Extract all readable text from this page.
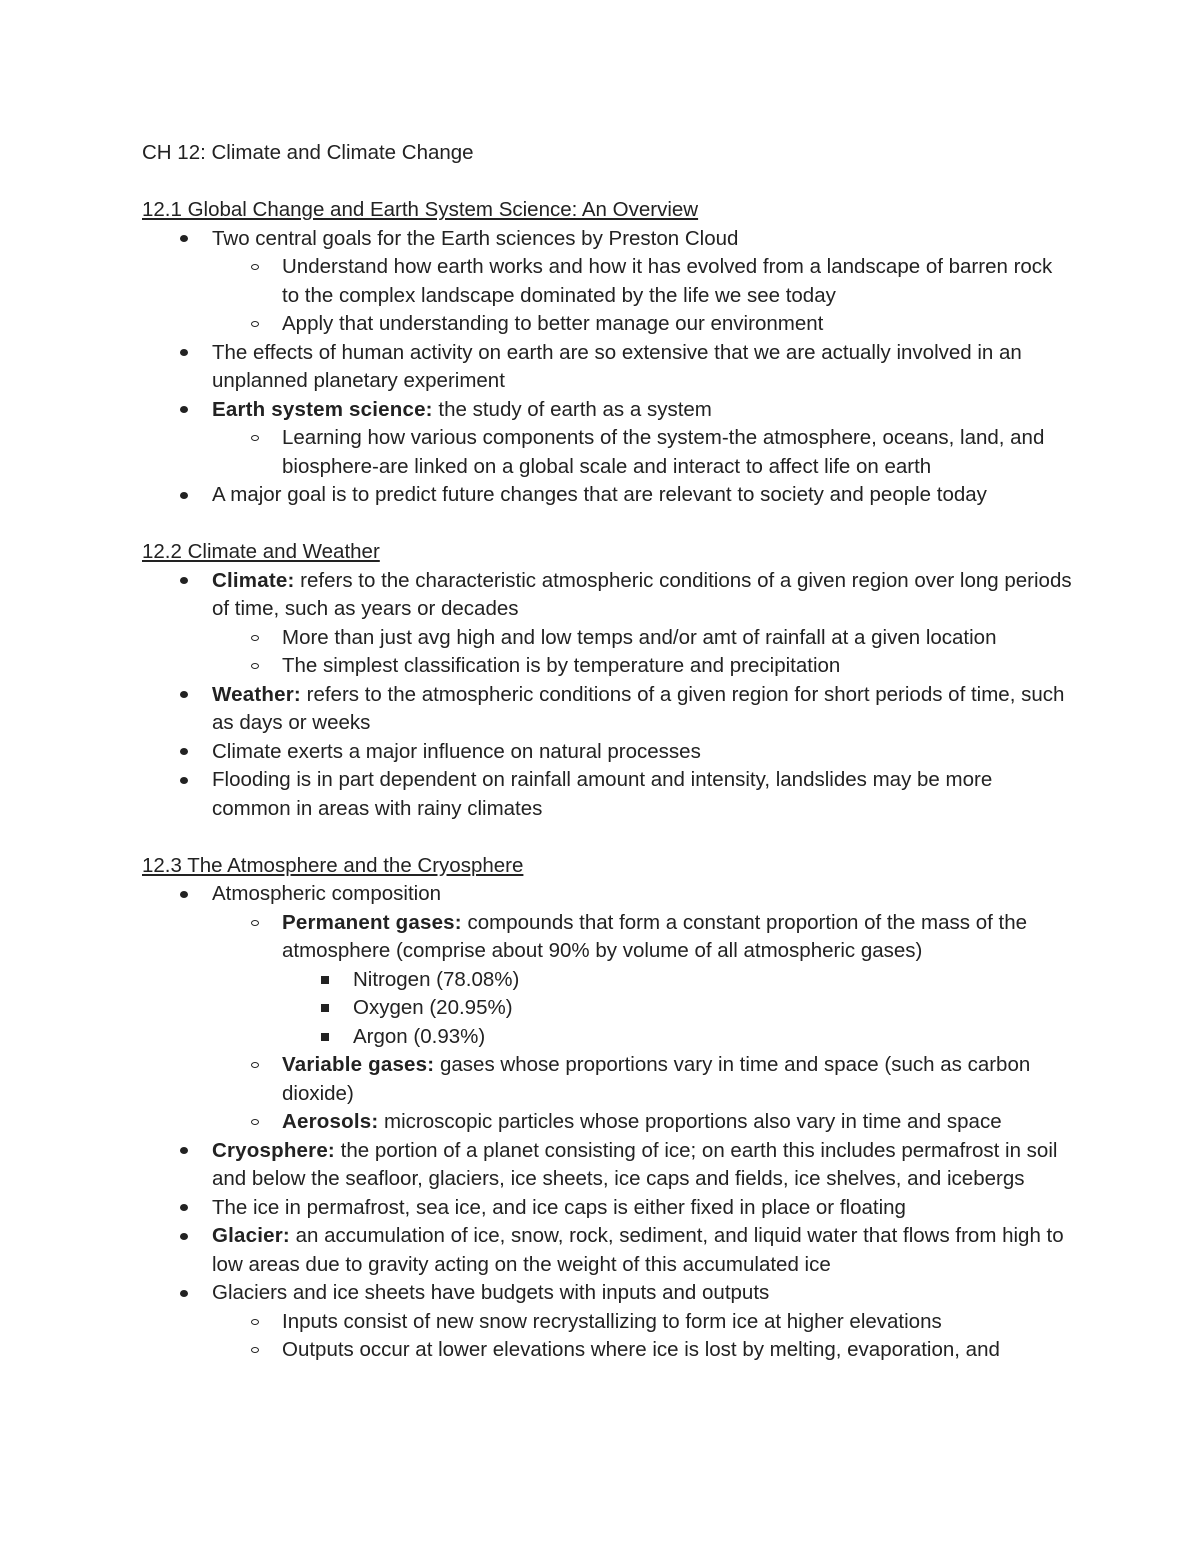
CH 12: Climate and Climate Change
12.1 Global Change and Earth System Science: An Overview
Two central goals for the Earth sciences by Preston Cloud
Understand how earth works and how it has evolved from a landscape of barren rock to the complex landscape dominated by the life we see today
Apply that understanding to better manage our environment
The effects of human activity on earth are so extensive that we are actually involved in an unplanned planetary experiment
Earth system science: the study of earth as a system
Learning how various components of the system-the atmosphere, oceans, land, and biosphere-are linked on a global scale and interact to affect life on earth
A major goal is to predict future changes that are relevant to society and people today
12.2 Climate and Weather
Climate: refers to the characteristic atmospheric conditions of a given region over long periods of time, such as years or decades
More than just avg high and low temps and/or amt of rainfall at a given location
The simplest classification is by temperature and precipitation
Weather: refers to the atmospheric conditions of a given region for short periods of time, such as days or weeks
Climate exerts a major influence on natural processes
Flooding is in part dependent on rainfall amount and intensity, landslides may be more common in areas with rainy climates
12.3 The Atmosphere and the Cryosphere
Atmospheric composition
Permanent gases: compounds that form a constant proportion of the mass of the atmosphere (comprise about 90% by volume of all atmospheric gases)
Nitrogen (78.08%)
Oxygen (20.95%)
Argon (0.93%)
Variable gases: gases whose proportions vary in time and space (such as carbon dioxide)
Aerosols: microscopic particles whose proportions also vary in time and space
Cryosphere: the portion of a planet consisting of ice; on earth this includes permafrost in soil and below the seafloor, glaciers, ice sheets, ice caps and fields, ice shelves, and icebergs
The ice in permafrost, sea ice, and ice caps is either fixed in place or floating
Glacier: an accumulation of ice, snow, rock, sediment, and liquid water that flows from high to low areas due to gravity acting on the weight of this accumulated ice
Glaciers and ice sheets have budgets with inputs and outputs
Inputs consist of new snow recrystallizing to form ice at higher elevations
Outputs occur at lower elevations where ice is lost by melting, evaporation, and
